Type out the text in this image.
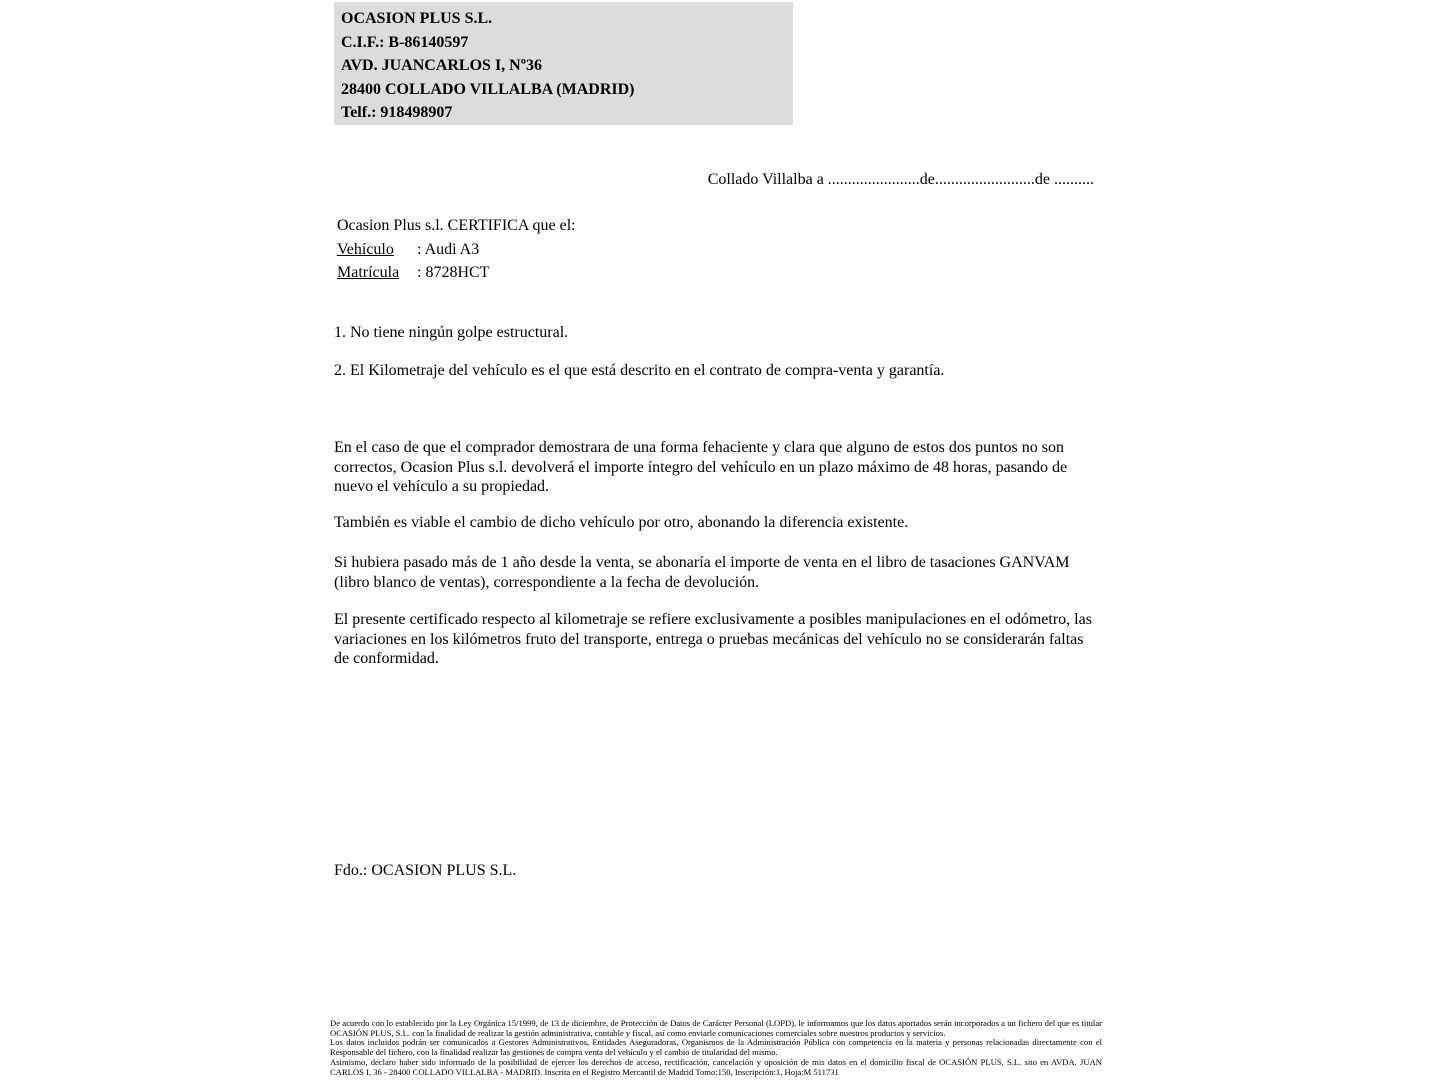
OCASION PLUS S.L.
C.I.F.: B-86140597
AVD. JUANCARLOS I, Nº36
28400 COLLADO VILLALBA (MADRID)
Telf.: 918498907
Collado Villalba a .......................de.........................de ..........
Ocasion Plus s.l. CERTIFICA que el:
Vehículo : Audi A3
Matrícula : 8728HCT
1. No tiene ningún golpe estructural.
2. El Kilometraje del vehículo es el que está descrito en el contrato de compra-venta y garantía.
En el caso de que el comprador demostrara de una forma fehaciente y clara que alguno de estos dos puntos no son correctos, Ocasion Plus s.l. devolverá el importe íntegro del vehículo en un plazo máximo de 48 horas, pasando de nuevo el vehículo a su propiedad.
También es viable el cambio de dicho vehículo por otro, abonando la diferencia existente.
Si hubiera pasado más de 1 año desde la venta, se abonaría el importe de venta en el libro de tasaciones GANVAM (libro blanco de ventas), correspondiente a la fecha de devolución.
El presente certificado respecto al kilometraje se refiere exclusivamente a posibles manipulaciones en el odómetro, las variaciones en los kilómetros fruto del transporte, entrega o pruebas mecánicas del vehículo no se considerarán faltas de conformidad.
Fdo.: OCASION PLUS S.L.
De acuerdo con lo establecido por la Ley Orgánica 15/1999, de 13 de diciembre, de Protección de Datos de Carácter Personal (LOPD), le informamos que los datos aportados serán incorporados a un fichero del que es titular OCASIÓN PLUS, S.L. con la finalidad de realizar la gestión administrativa, contable y fiscal, así como enviarle comunicaciones comerciales sobre nuestros productos y servicios.
Los datos incluidos podrán ser comunicados a Gestores Administrativos, Entidades Aseguradoras, Organismos de la Administración Pública con competencia en la materia y personas relacionadas directamente con el Responsable del fichero, con la finalidad realizar las gestiones de compra venta del vehículo y el cambio de titularidad del mismo.
Asimismo, declaro haber sido informado de la posibilidad de ejercer los derechos de acceso, rectificación, cancelación y oposición de mis datos en el domicilio fiscal de OCASIÓN PLUS, S.L. sito en AVDA. JUAN CARLOS I, 36 - 28400 COLLADO VILLALBA - MADRID. Inscrita en el Registro Mercantil de Madrid Tomo:150, Inscripción:1, Hoja:M 511731
